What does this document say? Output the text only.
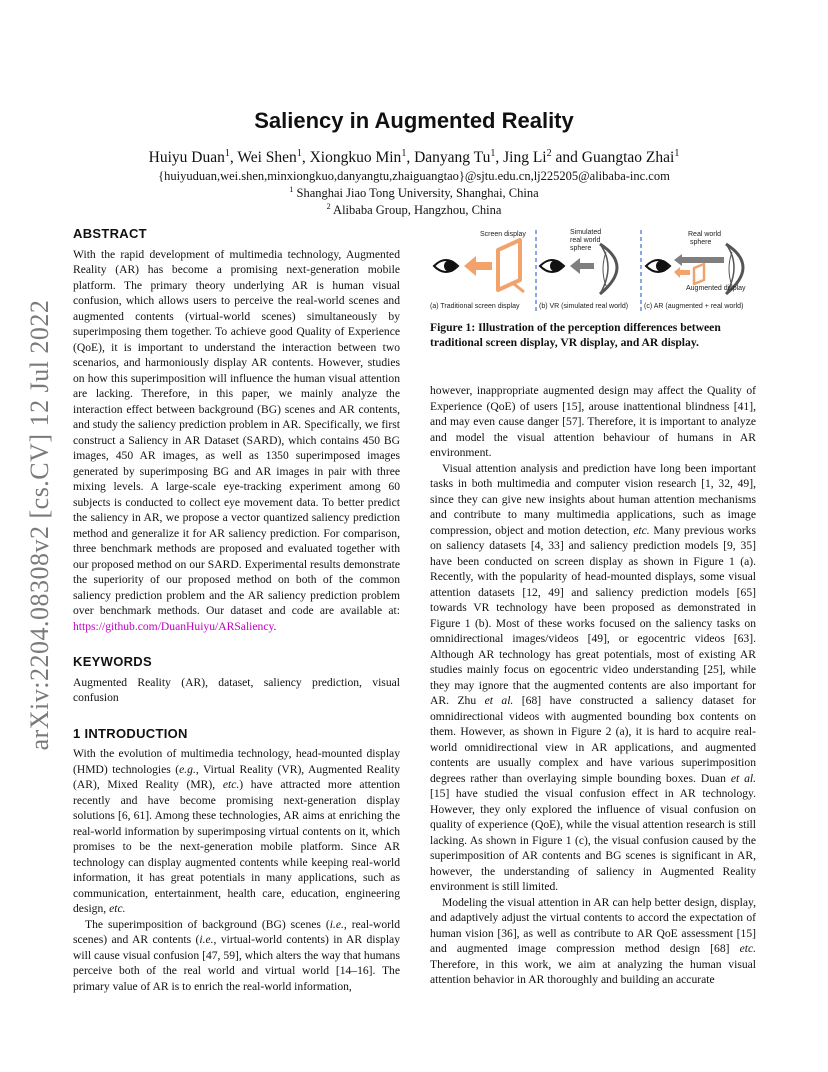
arXiv:2204.08308v2 [cs.CV] 12 Jul 2022
Saliency in Augmented Reality
Huiyu Duan$^1$, Wei Shen$^1$, Xiongkuo Min$^1$, Danyang Tu$^1$, Jing Li$^2$ and Guangtao Zhai$^1$
{huiyuduan,wei.shen,minxiongkuo,danyangtu,zhaiguangtao}@sjtu.edu.cn,lj225205@alibaba-inc.com
$^1$ Shanghai Jiao Tong University, Shanghai, China
$^2$ Alibaba Group, Hangzhou, China
ABSTRACT

With the rapid development of multimedia technology, Augmented Reality (AR) has become a promising next-generation mobile platform. The primary theory underlying AR is human visual confusion, which allows users to perceive the real-world scenes and augmented contents (virtual-world scenes) simultaneously by superimposing them together. To achieve good Quality of Experience (QoE), it is important to understand the interaction between two scenarios, and harmoniously display AR contents. However, studies on how this superimposition will influence the human visual attention are lacking. Therefore, in this paper, we mainly analyze the interaction effect between background (BG) scenes and AR contents, and study the saliency prediction problem in AR. Specifically, we first construct a Saliency in AR Dataset (SARD), which contains 450 BG images, 450 AR images, as well as 1350 superimposed images generated by superimposing BG and AR images in pair with three mixing levels. A large-scale eye-tracking experiment among 60 subjects is conducted to collect eye movement data. To better predict the saliency in AR, we propose a vector quantized saliency prediction method and generalize it for AR saliency prediction. For comparison, three benchmark methods are proposed and evaluated together with our proposed method on our SARD. Experimental results demonstrate the superiority of our proposed method on both of the common saliency prediction problem and the AR saliency prediction problem over benchmark methods. Our dataset and code are available at: https://github.com/DuanHuiyu/ARSaliency.

KEYWORDS

Augmented Reality (AR), dataset, saliency prediction, visual confusion

1 INTRODUCTION

With the evolution of multimedia technology, head-mounted display (HMD) technologies (e.g., Virtual Reality (VR), Augmented Reality (AR), Mixed Reality (MR), etc.) have attracted more attention recently and have become promising next-generation display solutions [6, 61]. Among these technologies, AR aims at enriching the real-world information by superimposing virtual contents on it, which promises to be the next-generation mobile platform. Since AR technology can display augmented contents while keeping real-world information, it has great potentials in many applications, such as communication, entertainment, health care, education, engineering design, etc.

The superimposition of background (BG) scenes (i.e., real-world scenes) and AR contents (i.e., virtual-world contents) in AR display will cause visual confusion [47, 59], which alters the way that humans perceive both of the real world and virtual world [14–16]. The primary value of AR is to enrich the real-world information,

Screen display	Simulated
real world
sphere
Real world
sphere
Augmented display
(a) Traditional screen display	(b) VR (simulated real world) (c) AR (augmented + real world)
Figure 1: Illustration of the perception differences between traditional screen display, VR display, and AR display.

however, inappropriate augmented design may affect the Quality of Experience (QoE) of users [15], arouse inattentional blindness [41], and may even cause danger [57]. Therefore, it is important to analyze and model the visual attention behaviour of humans in AR environment.

Visual attention analysis and prediction have long been important tasks in both multimedia and computer vision research [1, 32, 49], since they can give new insights about human attention mechanisms and contribute to many multimedia applications, such as image compression, object and motion detection, etc. Many previous works on saliency datasets [4, 33] and saliency prediction models [9, 35] have been conducted on screen display as shown in Figure 1 (a). Recently, with the popularity of head-mounted displays, some visual attention datasets [12, 49] and saliency prediction models [65] towards VR technology have been proposed as demonstrated in Figure 1 (b). Most of these works focused on the saliency tasks on omnidirectional images/videos [49], or egocentric videos [63]. Although AR technology has great potentials, most of existing AR studies mainly focus on egocentric video understanding [25], while they may ignore that the augmented contents are also important for AR. Zhu et al. [68] have constructed a saliency dataset for omnidirectional videos with augmented bounding box contents on them. However, as shown in Figure 2 (a), it is hard to acquire real-world omnidirectional view in AR applications, and augmented contents are usually complex and have various superimposition degrees rather than overlaying simple bounding boxes. Duan et al. [15] have studied the visual confusion effect in AR technology. However, they only explored the influence of visual confusion on quality of experience (QoE), while the visual attention research is still lacking. As shown in Figure 1 (c), the visual confusion caused by the superimposition of AR contents and BG scenes is significant in AR, however, the understanding of saliency in Augmented Reality environment is still limited.

Modeling the visual attention in AR can help better design, display, and adaptively adjust the virtual contents to accord the expectation of human vision [36], as well as contribute to AR QoE assessment [15] and augmented image compression method design [68] etc. Therefore, in this work, we aim at analyzing the human visual attention behavior in AR thoroughly and building an accurate
